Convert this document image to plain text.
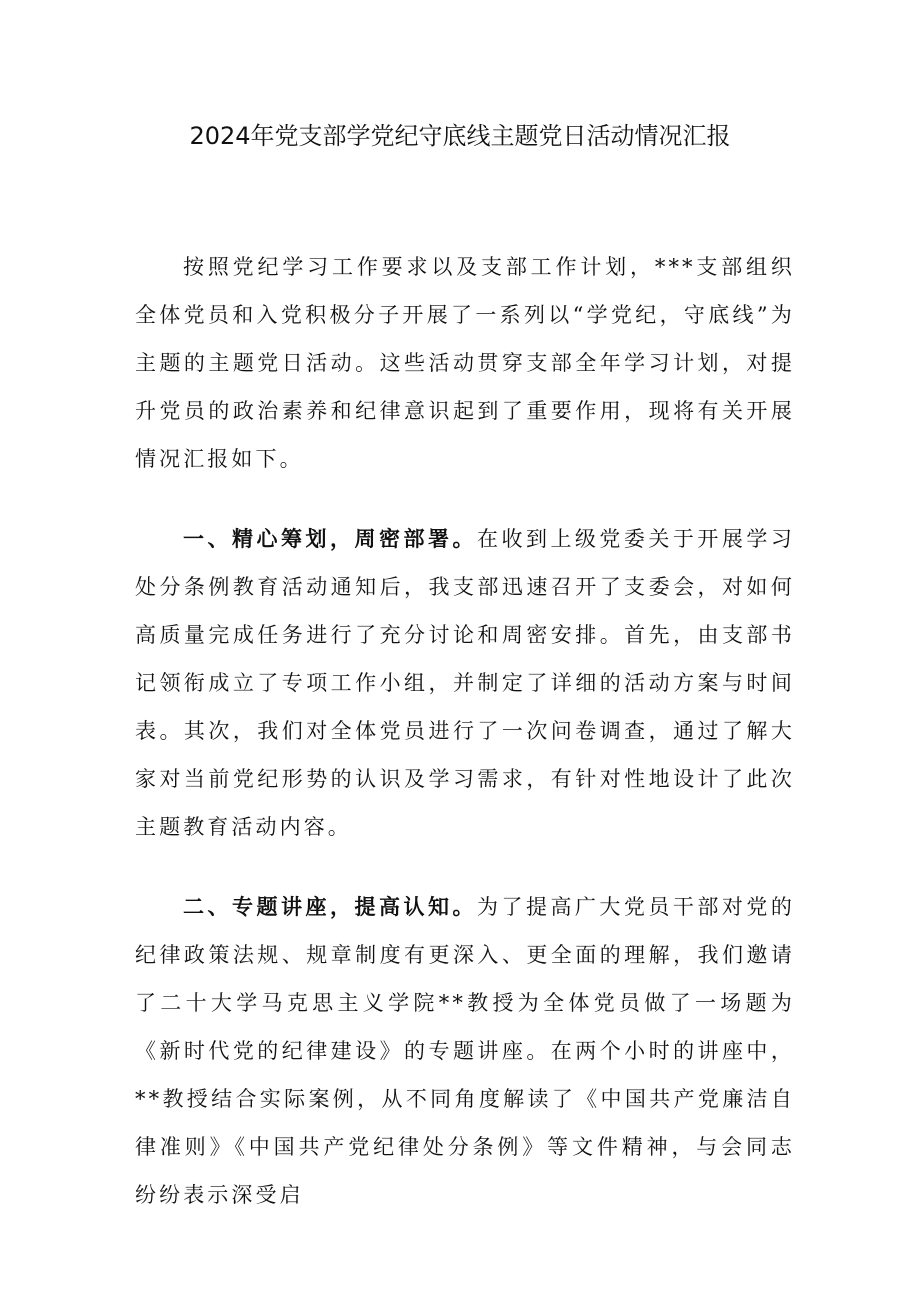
2024年党支部学党纪守底线主题党日活动情况汇报

按照党纪学习工作要求以及支部工作计划，***支部组织全体党员和入党积极分子开展了一系列以“学党纪，守底线”为主题的主题党日活动。这些活动贯穿支部全年学习计划，对提升党员的政治素养和纪律意识起到了重要作用，现将有关开展情况汇报如下。

一、精心筹划，周密部署。在收到上级党委关于开展学习处分条例教育活动通知后，我支部迅速召开了支委会，对如何高质量完成任务进行了充分讨论和周密安排。首先，由支部书记领衔成立了专项工作小组，并制定了详细的活动方案与时间表。其次，我们对全体党员进行了一次问卷调查，通过了解大家对当前党纪形势的认识及学习需求，有针对性地设计了此次主题教育活动内容。

二、专题讲座，提高认知。为了提高广大党员干部对党的纪律政策法规、规章制度有更深入、更全面的理解，我们邀请了二十大学马克思主义学院**教授为全体党员做了一场题为《新时代党的纪律建设》的专题讲座。在两个小时的讲座中，**教授结合实际案例，从不同角度解读了《中国共产党廉洁自律准则》《中国共产党纪律处分条例》等文件精神，与会同志纷纷表示深受启
